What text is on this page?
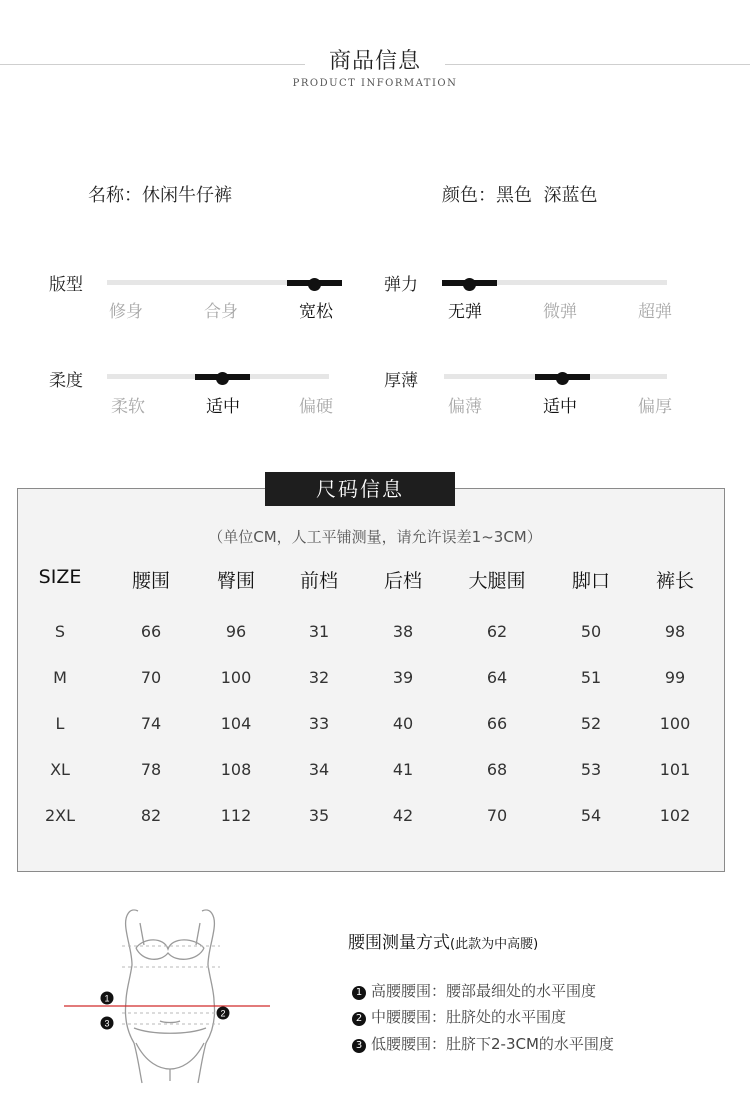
商品信息
PRODUCT INFORMATION
名称：休闲牛仔裤	颜色：黑色  深蓝色
版型
修身	合身	宽松
弹力
无弹	微弹	超弹
柔度
柔软	适中	偏硬
厚薄
偏薄	适中	偏厚
尺码信息
（单位CM，人工平铺测量，请允许误差1~3CM）
SIZE	腰围	臀围	前档	后档	大腿围	脚口	裤长
S	66	96	31	38	62	50	98
M	70	100	32	39	64	51	99
L	74	104	33	40	66	52	100
XL	78	108	34	41	68	53	101
2XL	82	112	35	42	70	54	102
1
2
3
腰围测量方式(此款为中高腰)
1 高腰腰围：腰部最细处的水平围度
2 中腰腰围：肚脐处的水平围度
3 低腰腰围：肚脐下2-3CM的水平围度
